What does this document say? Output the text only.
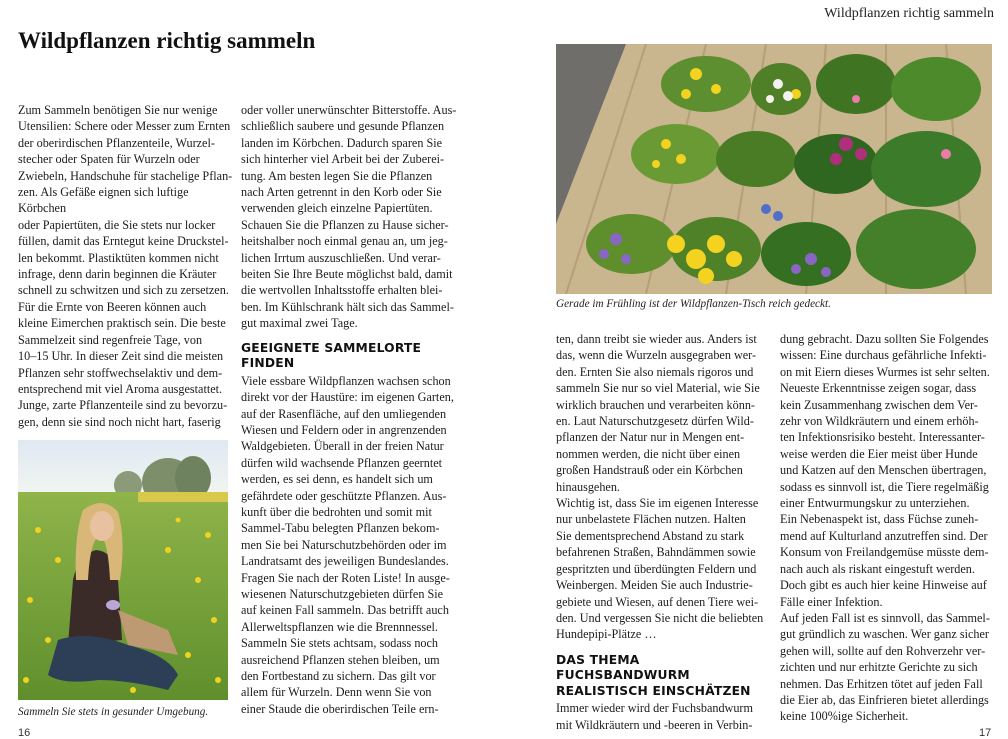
Wildpflanzen richtig sammeln

Zum Sammeln benötigen Sie nur wenige
Utensilien: Schere oder Messer zum Ernten
der oberirdischen Pflanzenteile, Wurzel-
stecher oder Spaten für Wurzeln oder
Zwiebeln, Handschuhe für stachelige Pflan-
zen. Als Gefäße eignen sich luftige Körbchen
oder Papiertüten, die Sie stets nur locker
füllen, damit das Erntegut keine Druckstel-
len bekommt. Plastiktüten kommen nicht
infrage, denn darin beginnen die Kräuter
schnell zu schwitzen und sich zu zersetzen.
Für die Ernte von Beeren können auch
kleine Eimerchen praktisch sein. Die beste
Sammelzeit sind regenfreie Tage, von
10–15 Uhr. In dieser Zeit sind die meisten
Pflanzen sehr stoffwechselaktiv und dem-
entsprechend mit viel Aroma ausgestattet.
Junge, zarte Pflanzenteile sind zu bevorzu-
gen, denn sie sind noch nicht hart, faserig

oder voller unerwünschter Bitterstoffe. Aus-
schließlich saubere und gesunde Pflanzen
landen im Körbchen. Dadurch sparen Sie
sich hinterher viel Arbeit bei der Zuberei-
tung. Am besten legen Sie die Pflanzen
nach Arten getrennt in den Korb oder Sie
verwenden gleich einzelne Papiertüten.
Schauen Sie die Pflanzen zu Hause sicher-
heitshalber noch einmal genau an, um jeg-
lichen Irrtum auszuschließen. Und verar-
beiten Sie Ihre Beute möglichst bald, damit
die wertvollen Inhaltsstoffe erhalten blei-
ben. Im Kühlschrank hält sich das Sammel-
gut maximal zwei Tage.

GEEIGNETE SAMMELORTE
FINDEN

Viele essbare Wildpflanzen wachsen schon
direkt vor der Haustüre: im eigenen Garten,
auf der Rasenfläche, auf den umliegenden
Wiesen und Feldern oder in angrenzenden
Waldgebieten. Überall in der freien Natur
dürfen wild wachsende Pflanzen geerntet
werden, es sei denn, es handelt sich um
gefährdete oder geschützte Pflanzen. Aus-
kunft über die bedrohten und somit mit
Sammel-Tabu belegten Pflanzen bekom-
men Sie bei Naturschutzbehörden oder im
Landratsamt des jeweiligen Bundeslandes.
Fragen Sie nach der Roten Liste! In ausge-
wiesenen Naturschutzgebieten dürfen Sie
auf keinen Fall sammeln. Das betrifft auch
Allerweltspflanzen wie die Brennnessel.
Sammeln Sie stets achtsam, sodass noch
ausreichend Pflanzen stehen bleiben, um
den Fortbestand zu sichern. Das gilt vor
allem für Wurzeln. Denn wenn Sie von
einer Staude die oberirdischen Teile ern-

Sammeln Sie stets in gesunder Umgebung.
16
Wildpflanzen richtig sammeln
Gerade im Frühling ist der Wildpflanzen-Tisch reich gedeckt.

ten, dann treibt sie wieder aus. Anders ist
das, wenn die Wurzeln ausgegraben wer-
den. Ernten Sie also niemals rigoros und
sammeln Sie nur so viel Material, wie Sie
wirklich brauchen und verarbeiten könn-
en. Laut Naturschutzgesetz dürfen Wild-
pflanzen der Natur nur in Mengen ent-
nommen werden, die nicht über einen
großen Handstrauß oder ein Körbchen
hinausgehen.

Wichtig ist, dass Sie im eigenen Interesse
nur unbelastete Flächen nutzen. Halten
Sie dementsprechend Abstand zu stark
befahrenen Straßen, Bahndämmen sowie
gespritzten und überdüngten Feldern und
Weinbergen. Meiden Sie auch Industrie-
gebiete und Wiesen, auf denen Tiere wei-
den. Und vergessen Sie nicht die beliebten
Hundepipi-Plätze …

DAS THEMA FUCHSBANDWURM
REALISTISCH EINSCHÄTZEN

Immer wieder wird der Fuchsbandwurm
mit Wildkräutern und -beeren in Verbin-

dung gebracht. Dazu sollten Sie Folgendes
wissen: Eine durchaus gefährliche Infekti-
on mit Eiern dieses Wurmes ist sehr selten.
Neueste Erkenntnisse zeigen sogar, dass
kein Zusammenhang zwischen dem Ver-
zehr von Wildkräutern und einem erhöh-
ten Infektionsrisiko besteht. Interessanter-
weise werden die Eier meist über Hunde
und Katzen auf den Menschen übertragen,
sodass es sinnvoll ist, die Tiere regelmäßig
einer Entwurmungskur zu unterziehen.
Ein Nebenaspekt ist, dass Füchse zuneh-
mend auf Kulturland anzutreffen sind. Der
Konsum von Freilandgemüse müsste dem-
nach auch als riskant eingestuft werden.
Doch gibt es auch hier keine Hinweise auf
Fälle einer Infektion.

Auf jeden Fall ist es sinnvoll, das Sammel-
gut gründlich zu waschen. Wer ganz sicher
gehen will, sollte auf den Rohverzehr ver-
zichten und nur erhitzte Gerichte zu sich
nehmen. Das Erhitzen tötet auf jeden Fall
die Eier ab, das Einfrieren bietet allerdings
keine 100%ige Sicherheit.

17
